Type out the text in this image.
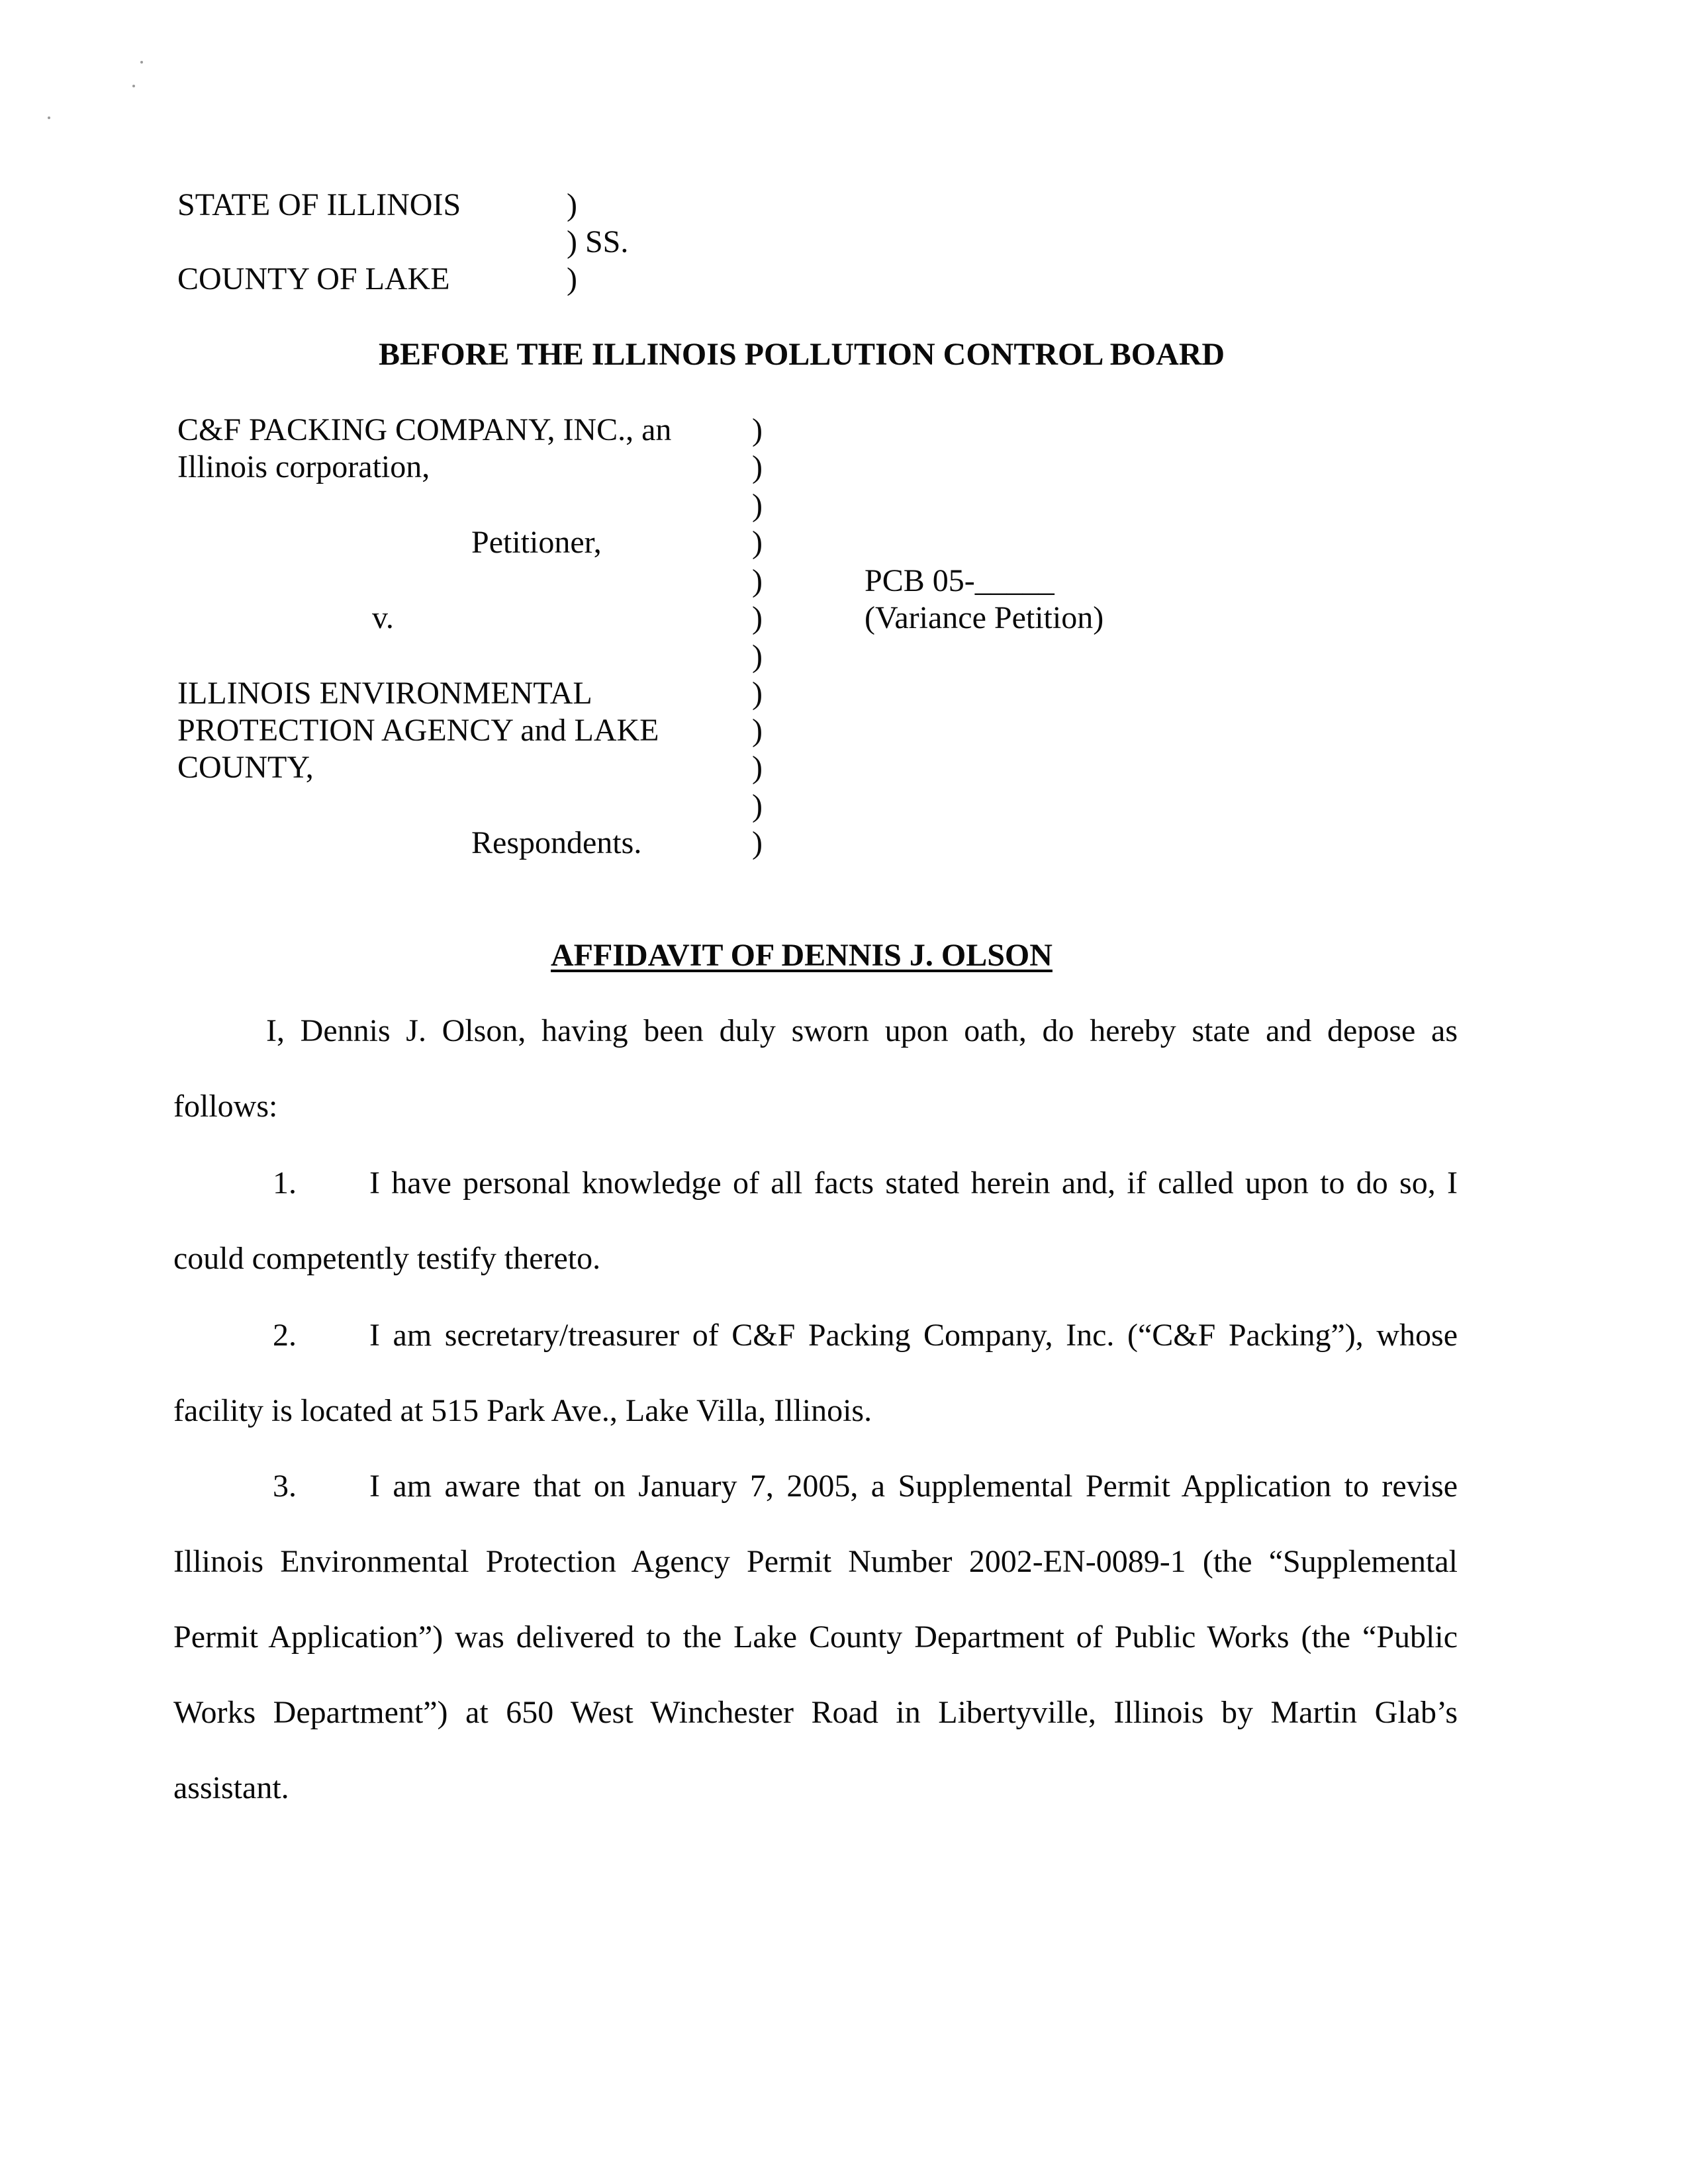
STATE OF ILLINOIS	)
) SS.
COUNTY OF LAKE	)
BEFORE THE ILLINOIS POLLUTION CONTROL BOARD
C&F PACKING COMPANY, INC., an
Illinois corporation,
Petitioner,
v.
ILLINOIS ENVIRONMENTAL
PROTECTION AGENCY and LAKE
COUNTY,
Respondents.
)
)
)
)
)
)
)
)
)
)
)
)
PCB 05-_____
(Variance Petition)
AFFIDAVIT OF DENNIS J. OLSON
I, Dennis J. Olson, having been duly sworn upon oath, do hereby state and depose as
follows:
1. I have personal knowledge of all facts stated herein and, if called upon to do so, I
could competently testify thereto.
2. I am secretary/treasurer of C&F Packing Company, Inc. (“C&F Packing”), whose
facility is located at 515 Park Ave., Lake Villa, Illinois.
3. I am aware that on January 7, 2005, a Supplemental Permit Application to revise
Illinois Environmental Protection Agency Permit Number 2002-EN-0089-1 (the “Supplemental
Permit Application”) was delivered to the Lake County Department of Public Works (the “Public
Works Department”) at 650 West Winchester Road in Libertyville, Illinois by Martin Glab’s
assistant.
